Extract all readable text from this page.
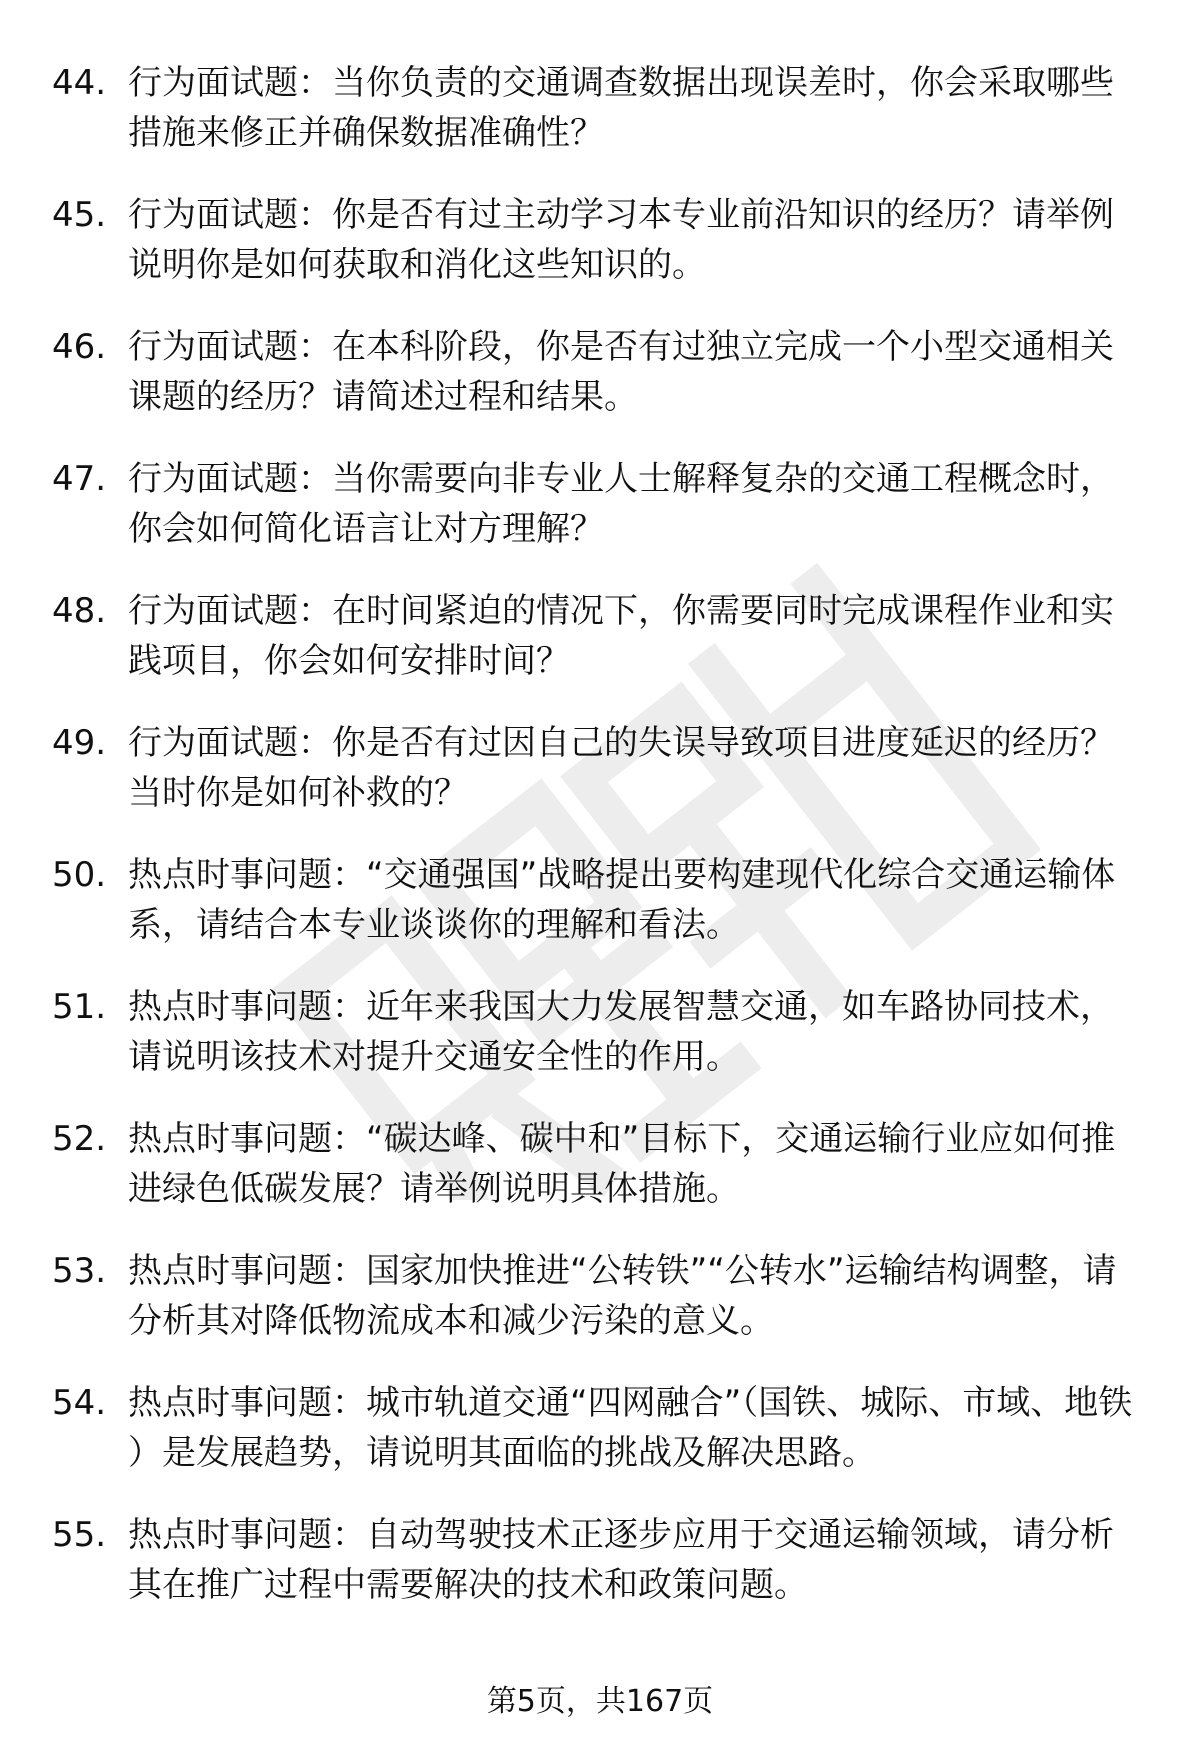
44. 行为面试题：当你负责的交通调查数据出现误差时，你会采取哪些措施来修正并确保数据准确性？
45. 行为面试题：你是否有过主动学习本专业前沿知识的经历？请举例说明你是如何获取和消化这些知识的。
46. 行为面试题：在本科阶段，你是否有过独立完成一个小型交通相关课题的经历？请简述过程和结果。
47. 行为面试题：当你需要向非专业人士解释复杂的交通工程概念时，你会如何简化语言让对方理解？
48. 行为面试题：在时间紧迫的情况下，你需要同时完成课程作业和实践项目，你会如何安排时间？
49. 行为面试题：你是否有过因自己的失误导致项目进度延迟的经历？当时你是如何补救的？
50. 热点时事问题：“交通强国”战略提出要构建现代化综合交通运输体系，请结合本专业谈谈你的理解和看法。
51. 热点时事问题：近年来我国大力发展智慧交通，如车路协同技术，请说明该技术对提升交通安全性的作用。
52. 热点时事问题：“碳达峰、碳中和”目标下，交通运输行业应如何推进绿色低碳发展？请举例说明具体措施。
53. 热点时事问题：国家加快推进“公转铁”“公转水”运输结构调整，请分析其对降低物流成本和减少污染的意义。
54. 热点时事问题：城市轨道交通“四网融合”（国铁、城际、市域、地铁）是发展趋势，请说明其面临的挑战及解决思路。
55. 热点时事问题：自动驾驶技术正逐步应用于交通运输领域，请分析其在推广过程中需要解决的技术和政策问题。
第5页，共167页
